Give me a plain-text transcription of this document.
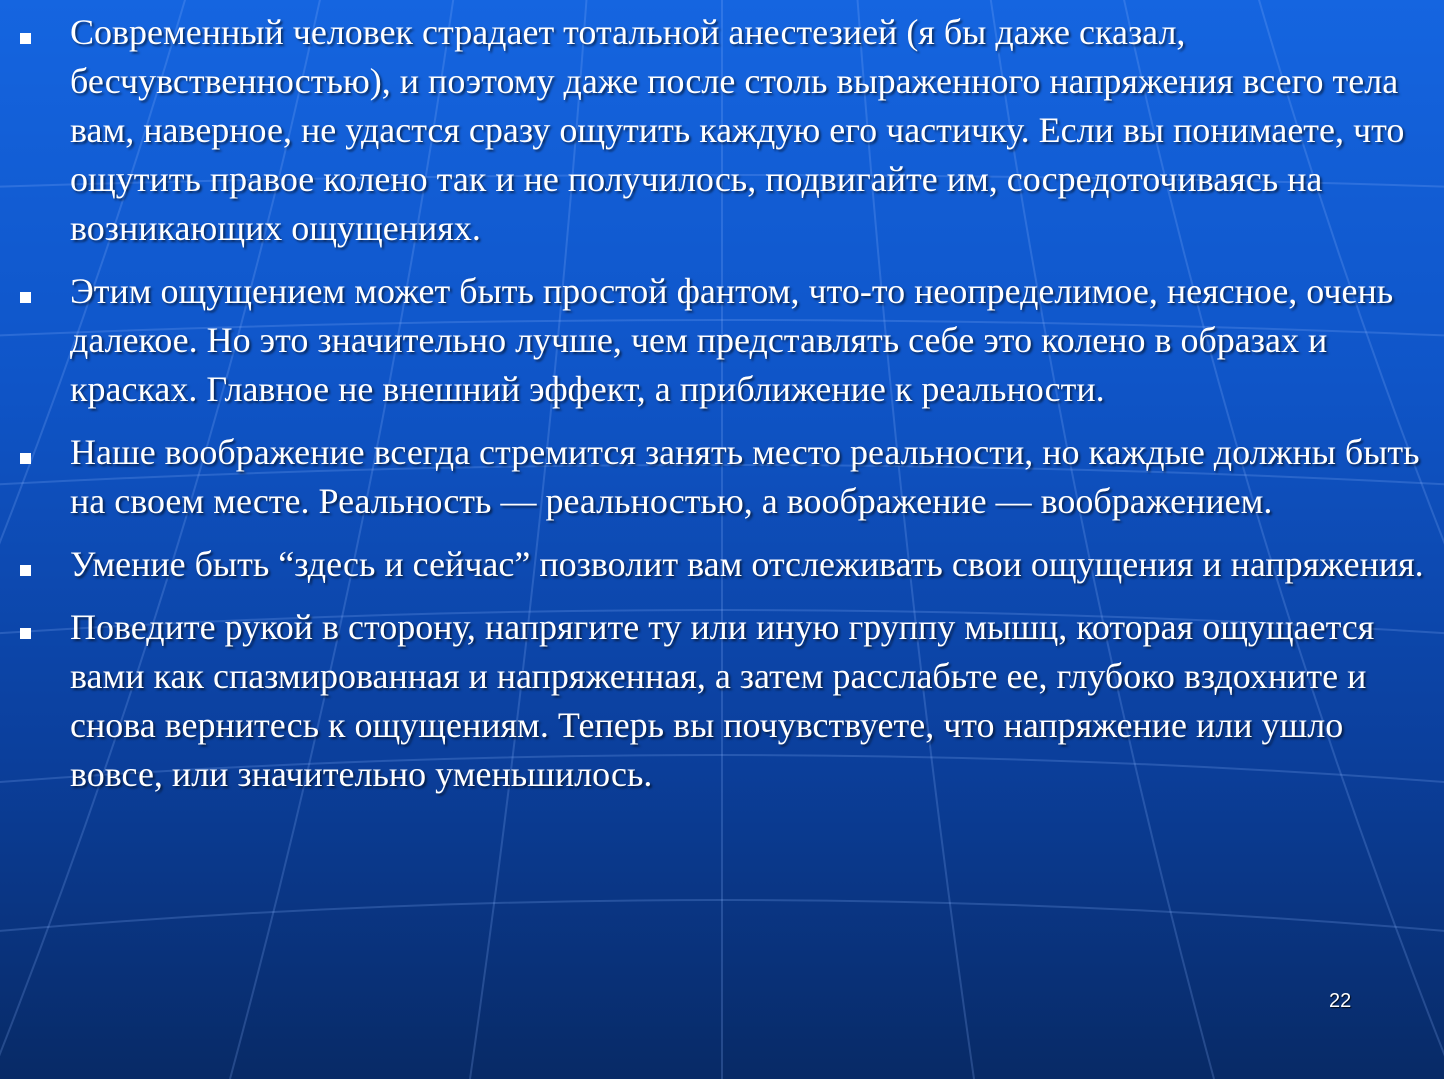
Современный человек страдает тотальной анестезией (я бы даже сказал, бесчувственностью), и поэтому даже после столь выраженного напряжения всего тела вам, наверное, не удастся сразу ощутить каждую его частичку. Если вы понимаете, что ощутить правое колено так и не получилось, подвигайте им, сосредоточиваясь на возникающих ощущениях.
Этим ощущением может быть простой фантом, что-то неопределимое, неясное, очень далекое. Но это значительно лучше, чем представлять себе это колено в образах и красках. Главное не внешний эффект, а приближение к реальности.
Наше воображение всегда стремится занять место реальности, но каждые должны быть на своем месте. Реальность — реальностью, а воображение — воображением.
Умение быть “здесь и сейчас” позволит вам отслеживать свои ощущения и напряжения.
Поведите рукой в сторону, напрягите ту или иную группу мышц, которая ощущается вами как спазмированная и напряженная, а затем расслабьте ее, глубоко вздохните и снова вернитесь к ощущениям. Теперь вы почувствуете, что напряжение или ушло вовсе, или значительно уменьшилось.
22
